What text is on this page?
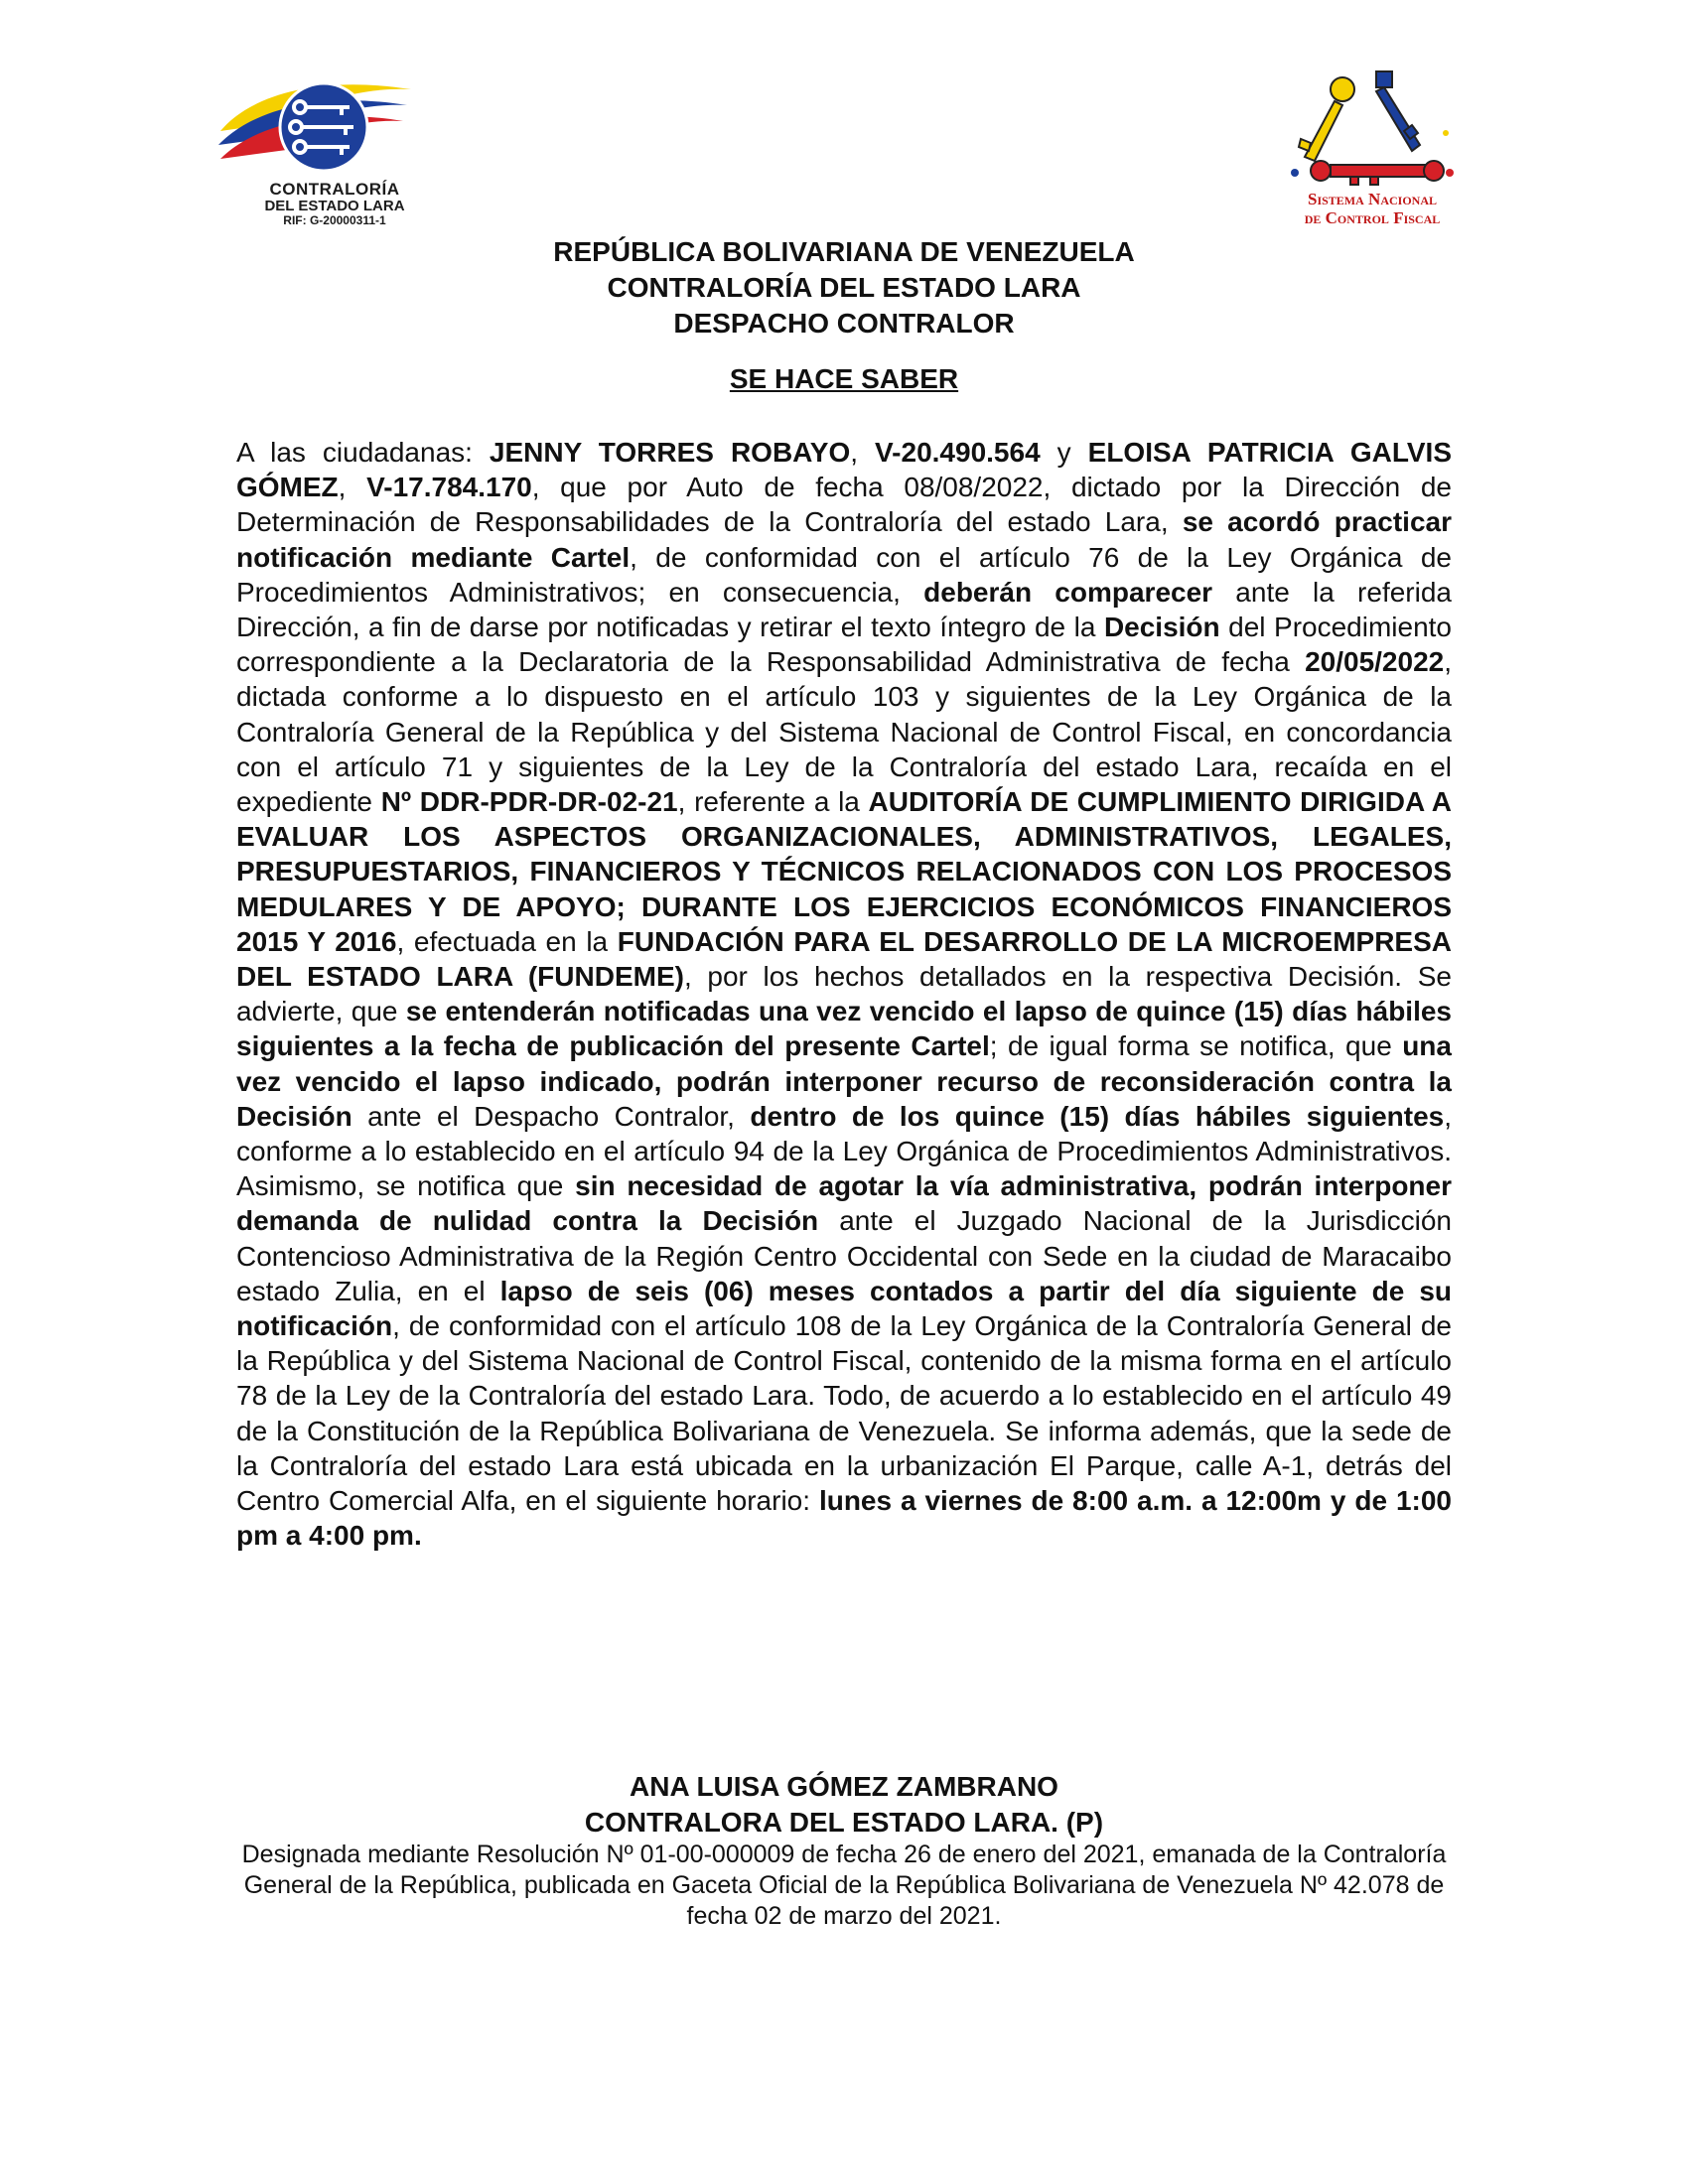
CONTRALORÍA
DEL ESTADO LARA
RIF: G-20000311-1
Sistema Nacional
de Control Fiscal
REPÚBLICA BOLIVARIANA DE VENEZUELA
CONTRALORÍA DEL ESTADO LARA
DESPACHO CONTRALOR
SE HACE SABER
A las ciudadanas: JENNY TORRES ROBAYO, V-20.490.564 y ELOISA PATRICIA GALVIS GÓMEZ, V-17.784.170, que por Auto de fecha 08/08/2022, dictado por la Dirección de Determinación de Responsabilidades de la Contraloría del estado Lara, se acordó practicar notificación mediante Cartel, de conformidad con el artículo 76 de la Ley Orgánica de Procedimientos Administrativos; en consecuencia, deberán comparecer ante la referida Dirección, a fin de darse por notificadas y retirar el texto íntegro de la Decisión del Procedimiento correspondiente a la Declaratoria de la Responsabilidad Administrativa de fecha 20/05/2022, dictada conforme a lo dispuesto en el artículo 103 y siguientes de la Ley Orgánica de la Contraloría General de la República y del Sistema Nacional de Control Fiscal, en concordancia con el artículo 71 y siguientes de la Ley de la Contraloría del estado Lara, recaída en el expediente Nº DDR-PDR-DR-02-21, referente a la AUDITORÍA DE CUMPLIMIENTO DIRIGIDA A EVALUAR LOS ASPECTOS ORGANIZACIONALES, ADMINISTRATIVOS, LEGALES, PRESUPUESTARIOS, FINANCIEROS Y TÉCNICOS RELACIONADOS CON LOS PROCESOS MEDULARES Y DE APOYO; DURANTE LOS EJERCICIOS ECONÓMICOS FINANCIEROS 2015 Y 2016, efectuada en la FUNDACIÓN PARA EL DESARROLLO DE LA MICROEMPRESA DEL ESTADO LARA (FUNDEME), por los hechos detallados en la respectiva Decisión. Se advierte, que se entenderán notificadas una vez vencido el lapso de quince (15) días hábiles siguientes a la fecha de publicación del presente Cartel; de igual forma se notifica, que una vez vencido el lapso indicado, podrán interponer recurso de reconsideración contra la Decisión ante el Despacho Contralor, dentro de los quince (15) días hábiles siguientes, conforme a lo establecido en el artículo 94 de la Ley Orgánica de Procedimientos Administrativos. Asimismo, se notifica que sin necesidad de agotar la vía administrativa, podrán interponer demanda de nulidad contra la Decisión ante el Juzgado Nacional de la Jurisdicción Contencioso Administrativa de la Región Centro Occidental con Sede en la ciudad de Maracaibo estado Zulia, en el lapso de seis (06) meses contados a partir del día siguiente de su notificación, de conformidad con el artículo 108 de la Ley Orgánica de la Contraloría General de la República y del Sistema Nacional de Control Fiscal, contenido de la misma forma en el artículo 78 de la Ley de la Contraloría del estado Lara. Todo, de acuerdo a lo establecido en el artículo 49 de la Constitución de la República Bolivariana de Venezuela. Se informa además, que la sede de la Contraloría del estado Lara está ubicada en la urbanización El Parque, calle A-1, detrás del Centro Comercial Alfa, en el siguiente horario: lunes a viernes de 8:00 a.m. a 12:00m y de 1:00 pm a 4:00 pm.
ANA LUISA GÓMEZ ZAMBRANO
CONTRALORA DEL ESTADO LARA. (P)
Designada mediante Resolución Nº 01-00-000009 de fecha 26 de enero del 2021, emanada de la Contraloría General de la República, publicada en Gaceta Oficial de la República Bolivariana de Venezuela Nº 42.078 de fecha 02 de marzo del 2021.
